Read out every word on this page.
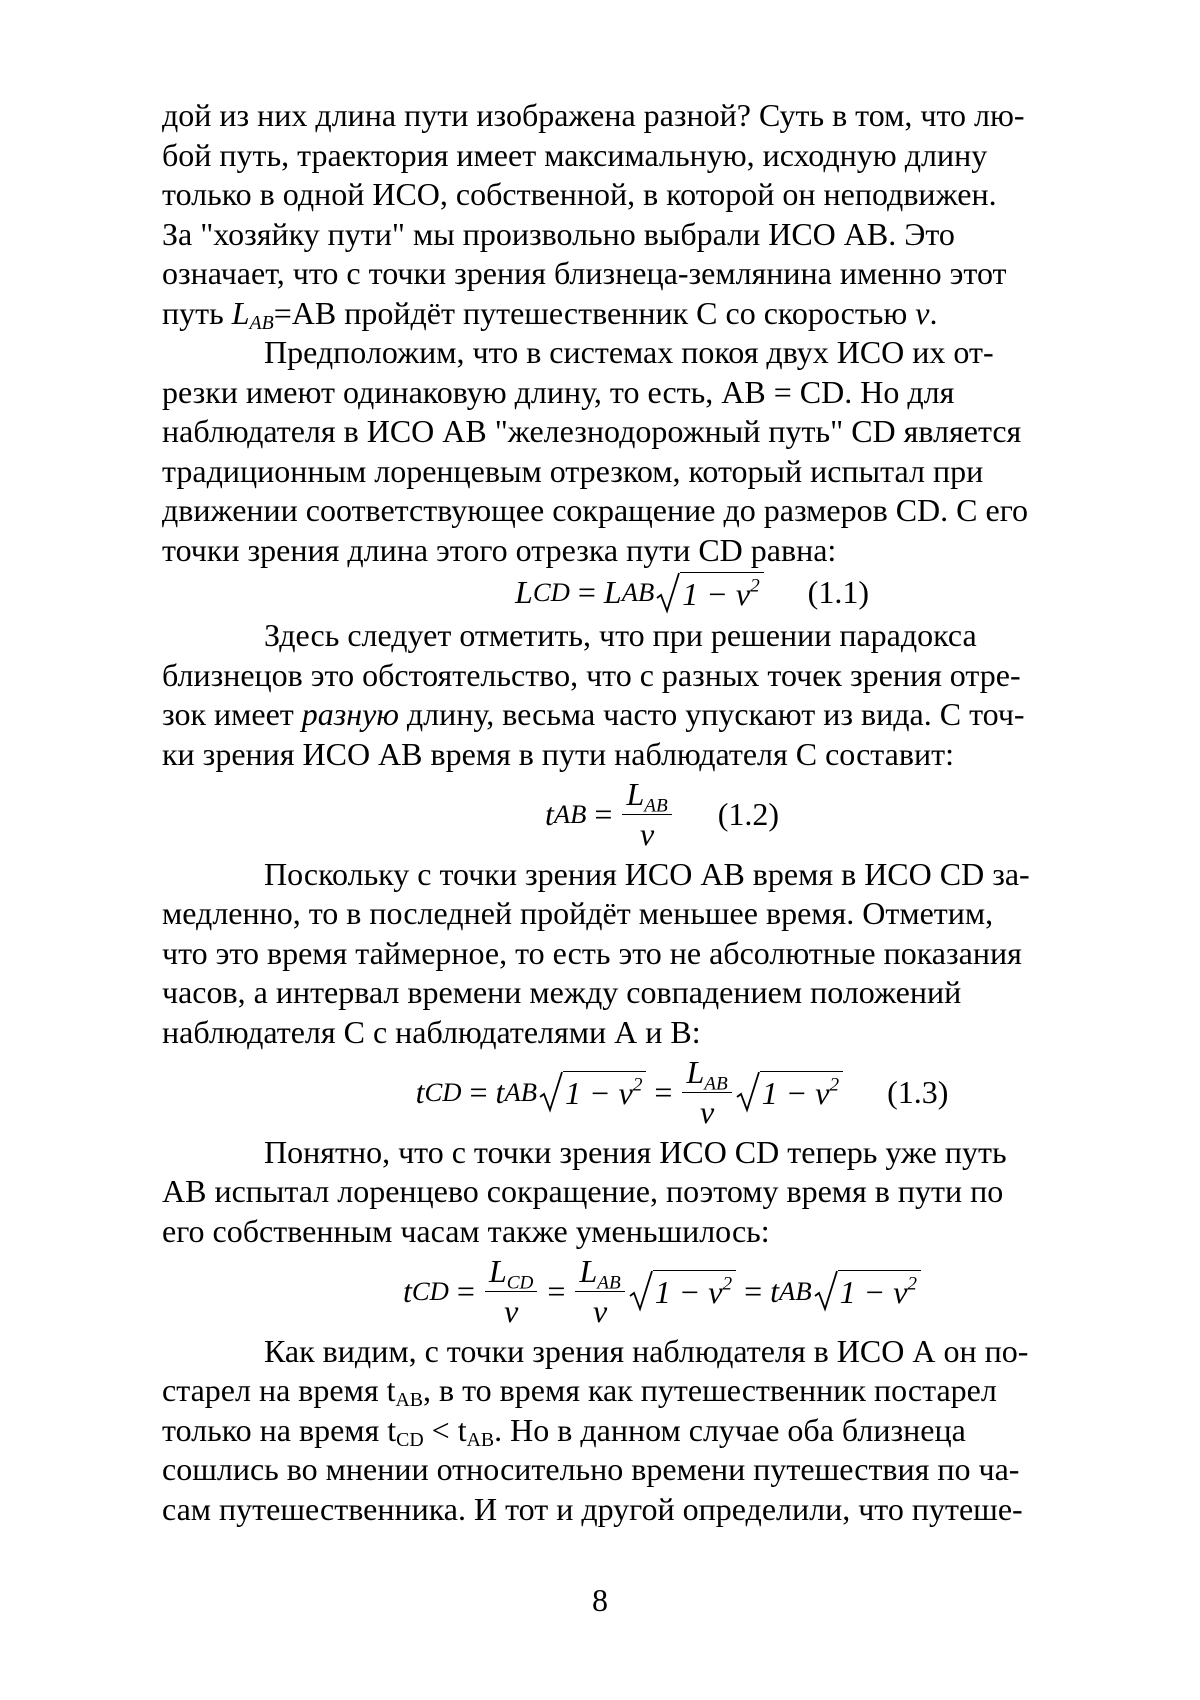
дой из них длина пути изображена разной? Суть в том, что лю-
бой путь, траектория имеет максимальную, исходную длину
только в одной ИСО, собственной, в которой он неподвижен.
За "хозяйку пути" мы произвольно выбрали ИСО АВ. Это
означает, что с точки зрения близнеца-землянина именно этот
путь $L_{AB}=AB$ пройдёт путешественник С со скоростью v.
Предположим, что в системах покоя двух ИСО их от-
резки имеют одинаковую длину, то есть, АВ = CD. Но для
наблюдателя в ИСО АВ "железнодорожный путь" CD является
традиционным лоренцевым отрезком, который испытал при
движении соответствующее сокращение до размеров CD. С его
точки зрения длина этого отрезка пути CD равна:
L CD = L AB $1 - v^2$ (1.1)
Здесь следует отметить, что при решении парадокса
близнецов это обстоятельство, что с разных точек зрения отре-
зок имеет разную длину, весьма часто упускают из вида. С точ-
ки зрения ИСО АВ время в пути наблюдателя С составит:
t AB = $\frac{L_{AB}}{v} (1.2)$
Поскольку с точки зрения ИСО АВ время в ИСО CD за-
медленно, то в последней пройдёт меньшее время. Отметим,
что это время таймерное, то есть это не абсолютные показания
часов, а интервал времени между совпадением положений
наблюдателя С с наблюдателями А и В:
t CD = t AB $1 - v^2 = \frac{L_{AB}}{v} 1 - v^2$ (1.3)
Понятно, что с точки зрения ИСО CD теперь уже путь
АВ испытал лоренцево сокращение, поэтому время в пути по
его собственным часам также уменьшилось:
t CD = $\frac{L_{CD}}{v} = \frac{L_{AB}}{v} 1 - v^2 = t$ AB $1 - v^2$
Как видим, с точки зрения наблюдателя в ИСО А он по-
старел на время $t_{AB}$, в то время как путешественник постарел
только на время $t_{CD} < t_{AB}$. Но в данном случае оба близнеца
сошлись во мнении относительно времени путешествия по ча-
сам путешественника. И тот и другой определили, что путеше-
8
